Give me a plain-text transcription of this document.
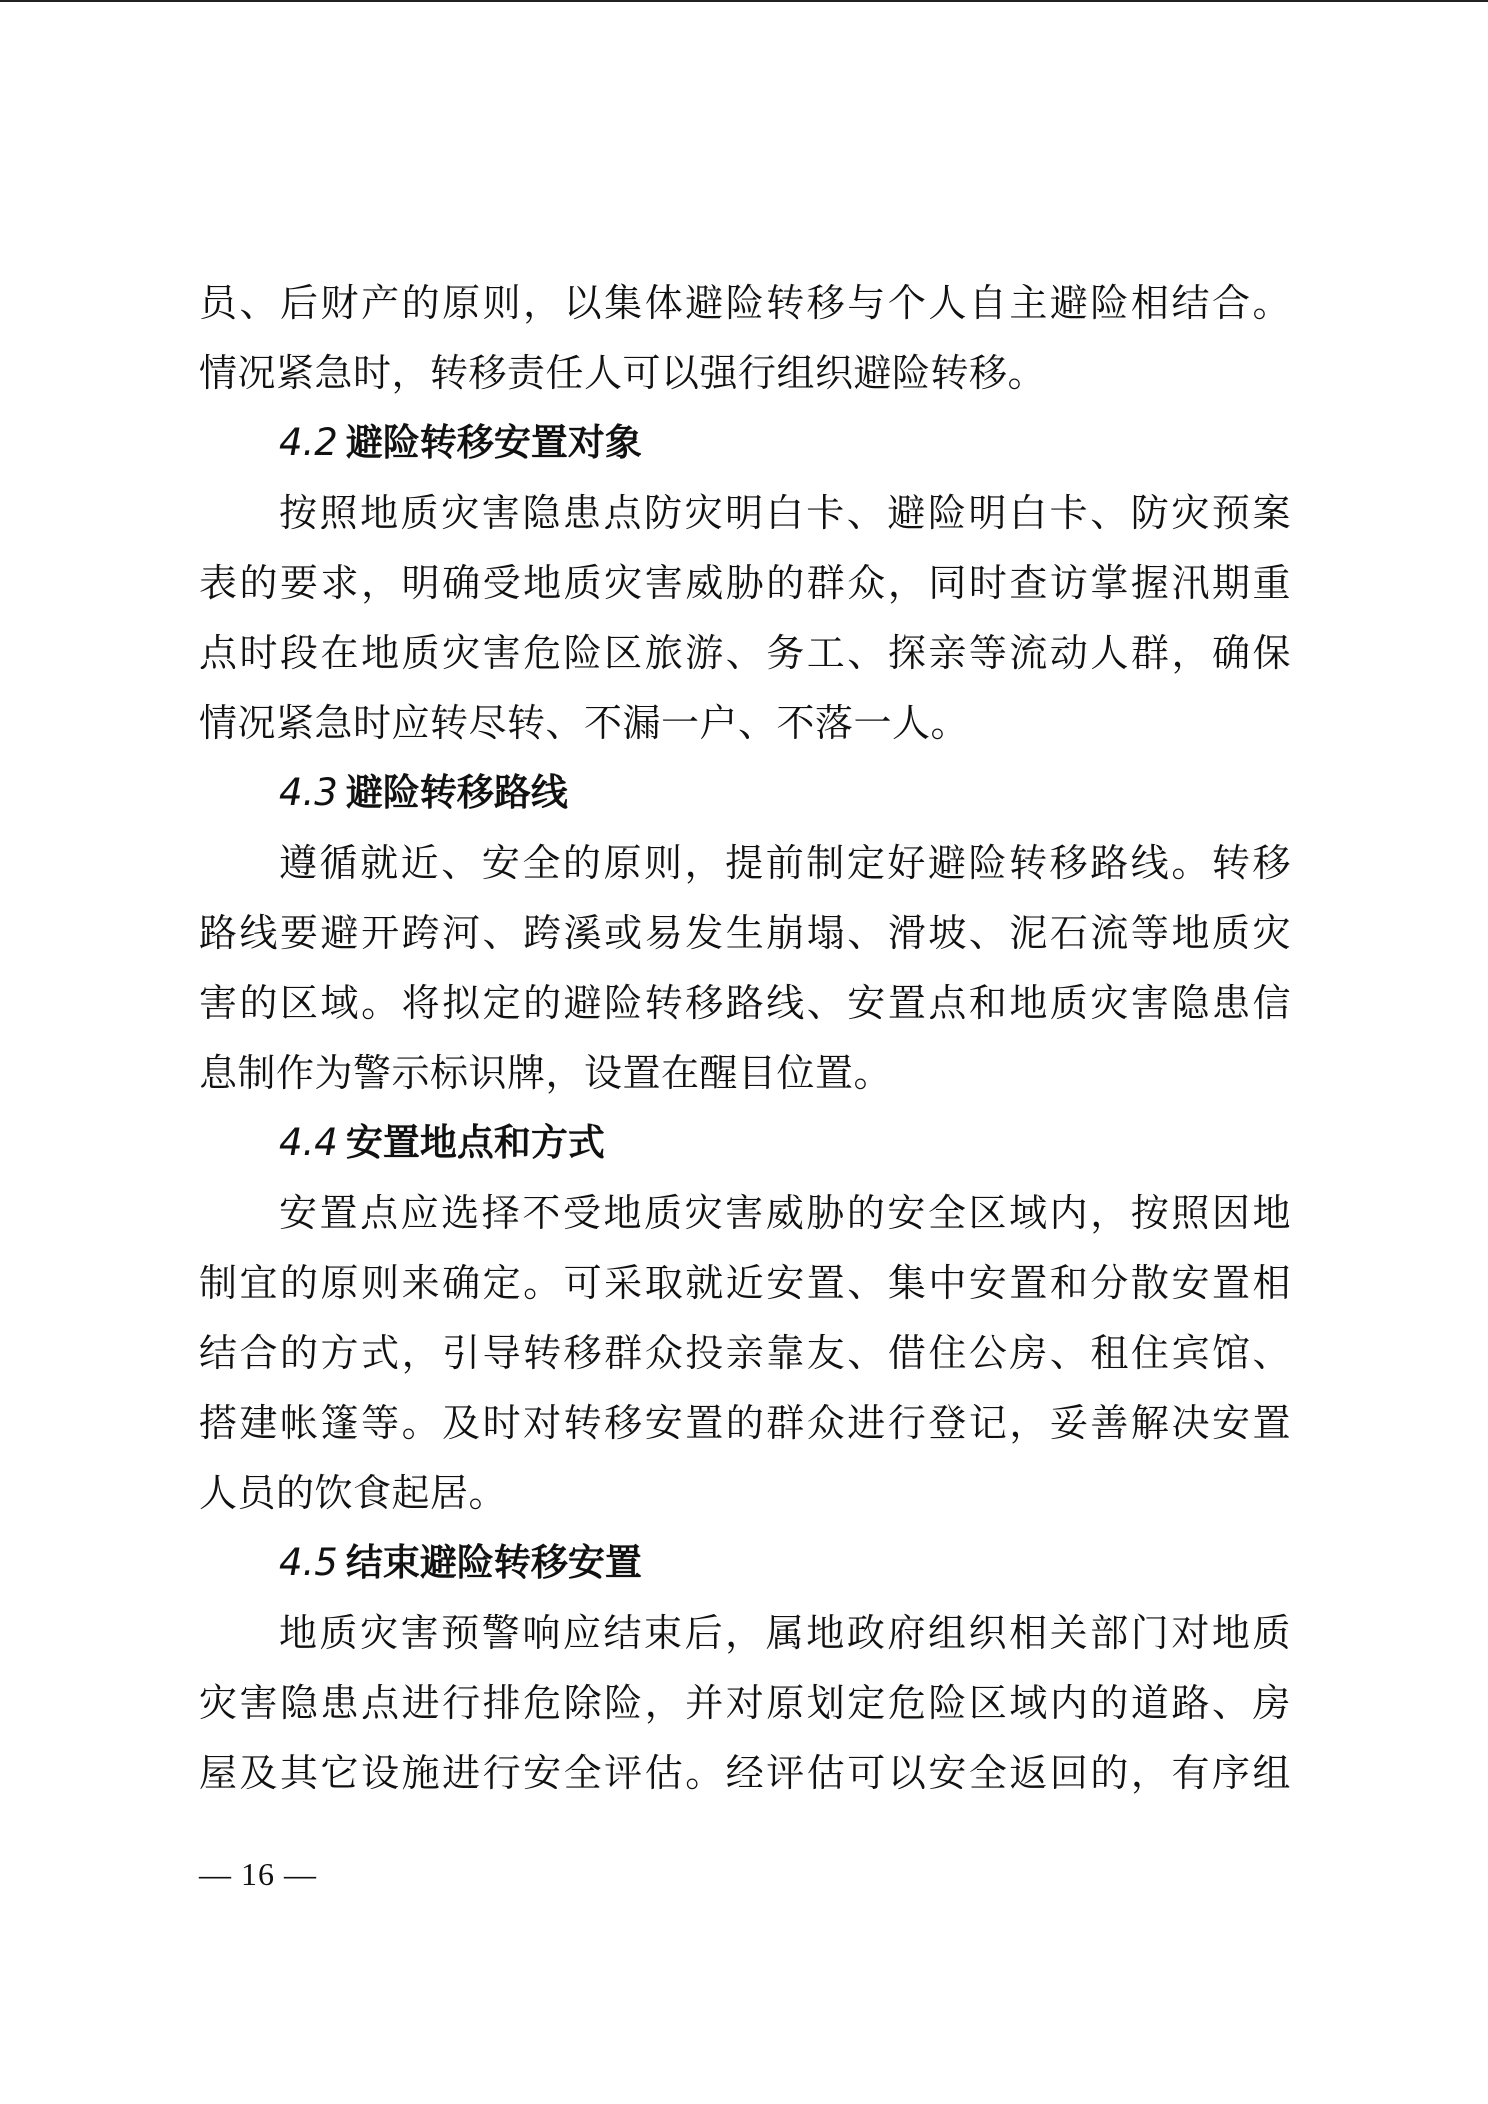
员、后财产的原则，以集体避险转移与个人自主避险相结合。
情况紧急时，转移责任人可以强行组织避险转移。
4.2 避险转移安置对象
按照地质灾害隐患点防灾明白卡、避险明白卡、防灾预案
表的要求，明确受地质灾害威胁的群众，同时查访掌握汛期重
点时段在地质灾害危险区旅游、务工、探亲等流动人群，确保
情况紧急时应转尽转、不漏一户、不落一人。
4.3 避险转移路线
遵循就近、安全的原则，提前制定好避险转移路线。转移
路线要避开跨河、跨溪或易发生崩塌、滑坡、泥石流等地质灾
害的区域。将拟定的避险转移路线、安置点和地质灾害隐患信
息制作为警示标识牌，设置在醒目位置。
4.4 安置地点和方式
安置点应选择不受地质灾害威胁的安全区域内，按照因地
制宜的原则来确定。可采取就近安置、集中安置和分散安置相
结合的方式，引导转移群众投亲靠友、借住公房、租住宾馆、
搭建帐篷等。及时对转移安置的群众进行登记，妥善解决安置
人员的饮食起居。
4.5 结束避险转移安置
地质灾害预警响应结束后，属地政府组织相关部门对地质
灾害隐患点进行排危除险，并对原划定危险区域内的道路、房
屋及其它设施进行安全评估。经评估可以安全返回的，有序组
— 16 —
